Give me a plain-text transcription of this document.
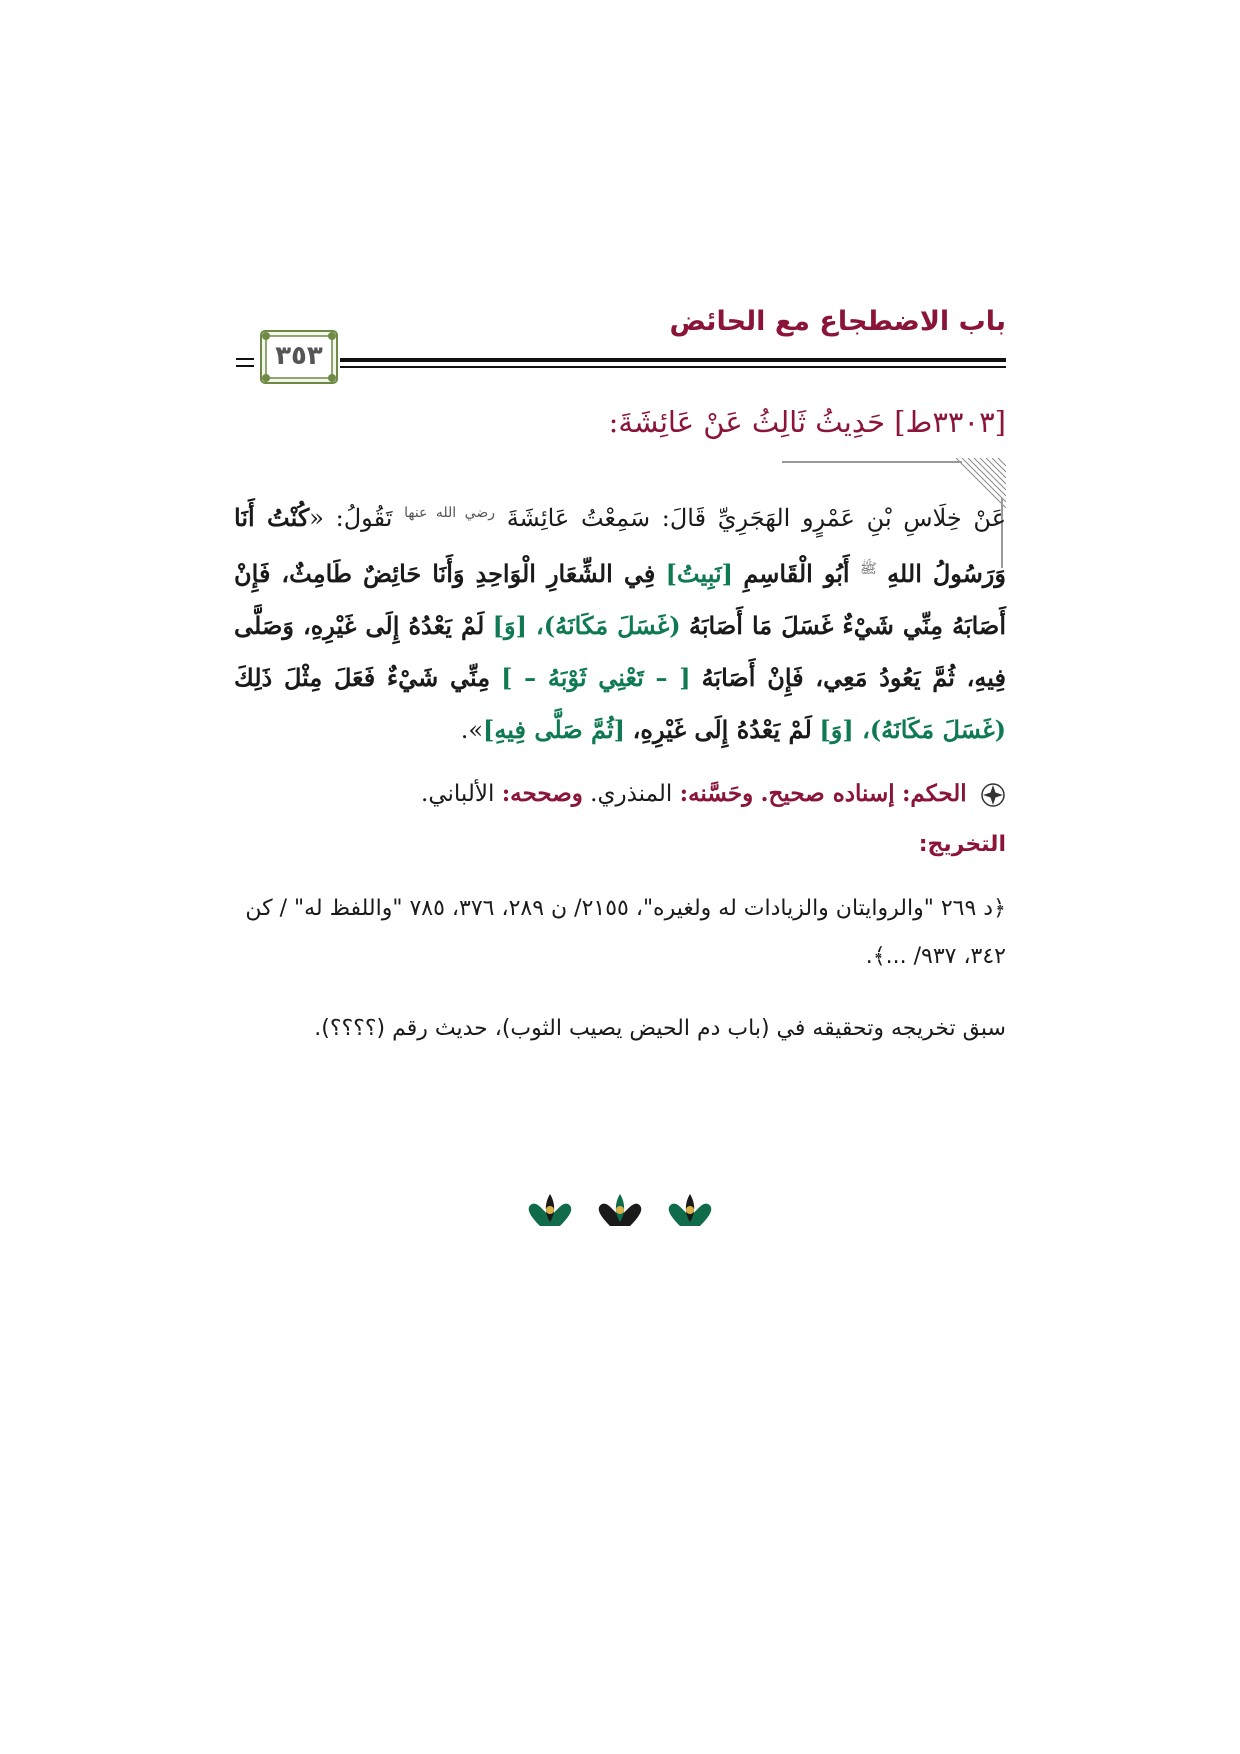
باب الاضطجاع مع الحائض
٣٥٣
[٣٣٠٣ط] حَدِيثُ ثَالِثُ عَنْ عَائِشَةَ:
عَنْ خِلَاسِ بْنِ عَمْرٍو الهَجَرِيِّ قَالَ: سَمِعْتُ عَائِشَةَ $^{رضي الله عنها}$ تَقُولُ: «كُنْتُ أَنَا وَرَسُولُ اللهِ $^ﷺ$ أَبُو الْقَاسِمِ [نَبِيتُ] فِي الشِّعَارِ الْوَاحِدِ وَأَنَا حَائِضٌ طَامِثٌ، فَإِنْ أَصَابَهُ مِنِّي شَيْءٌ غَسَلَ مَا أَصَابَهُ (غَسَلَ مَكَانَهُ)، [وَ] لَمْ يَعْدُهُ إِلَى غَيْرِهِ، وَصَلَّى فِيهِ، ثُمَّ يَعُودُ مَعِي، فَإِنْ أَصَابَهُ [ – تَعْنِي ثَوْبَهُ – ] مِنِّي شَيْءٌ فَعَلَ مِثْلَ ذَلِكَ (غَسَلَ مَكَانَهُ)، [وَ] لَمْ يَعْدُهُ إِلَى غَيْرِهِ، [ثُمَّ صَلَّى فِيهِ]».
الحكم: إسناده صحيح. وحَسَّنه: المنذري. وصححه: الألباني.
التخريج:
﴿د ٢٦٩ "والروايتان والزيادات له ولغيره"، ٢١٥٥/ ن ٢٨٩، ٣٧٦، ٧٨٥ "واللفظ له" / كن ٣٤٢، ٩٣٧/ ...﴾.
سبق تخريجه وتحقيقه في (باب دم الحيض يصيب الثوب)، حديث رقم (؟؟؟؟).
